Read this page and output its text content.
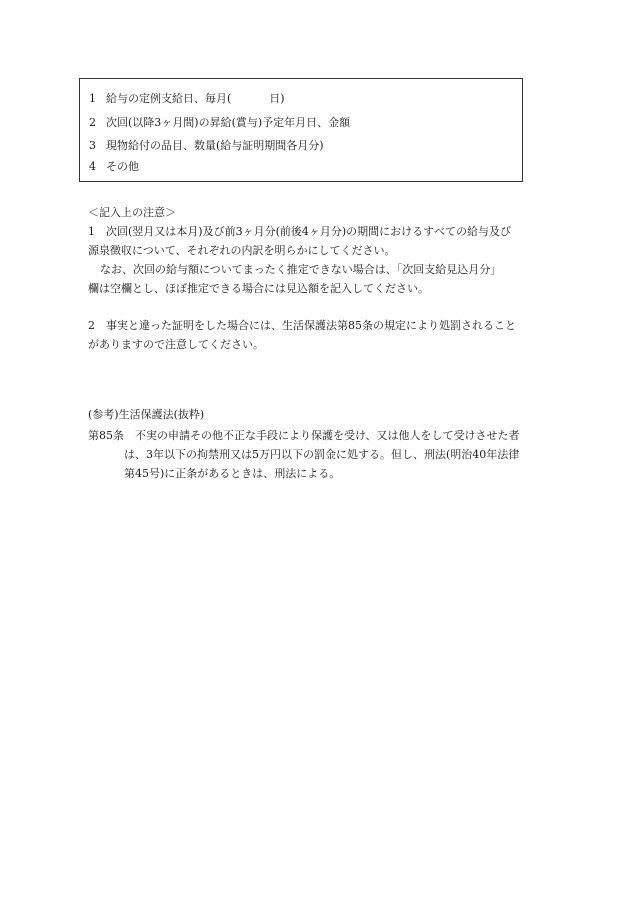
1 給与の定例支給日、毎月(	日)
2 次回(以降3ヶ月間)の昇給(賞与)予定年月日、金額
3 現物給付の品目、数量(給与証明期間各月分)
4 その他
＜記入上の注意＞
1　次回(翌月又は本月)及び前3ヶ月分(前後4ヶ月分)の期間におけるすべての給与及び
源泉徴収について、それぞれの内訳を明らかにしてください。
なお、次回の給与額についてまったく推定できない場合は、「次回支給見込月分」
欄は空欄とし、ほぼ推定できる場合には見込額を記入してください。
2　事実と違った証明をした場合には、生活保護法第85条の規定により処罰されること
がありますので注意してください。
(参考)生活保護法(抜粋)
第85条　不実の申請その他不正な手段により保護を受け、又は他人をして受けさせた者
は、3年以下の拘禁刑又は5万円以下の罰金に処する。但し、刑法(明治40年法律
第45号)に正条があるときは、刑法による。
